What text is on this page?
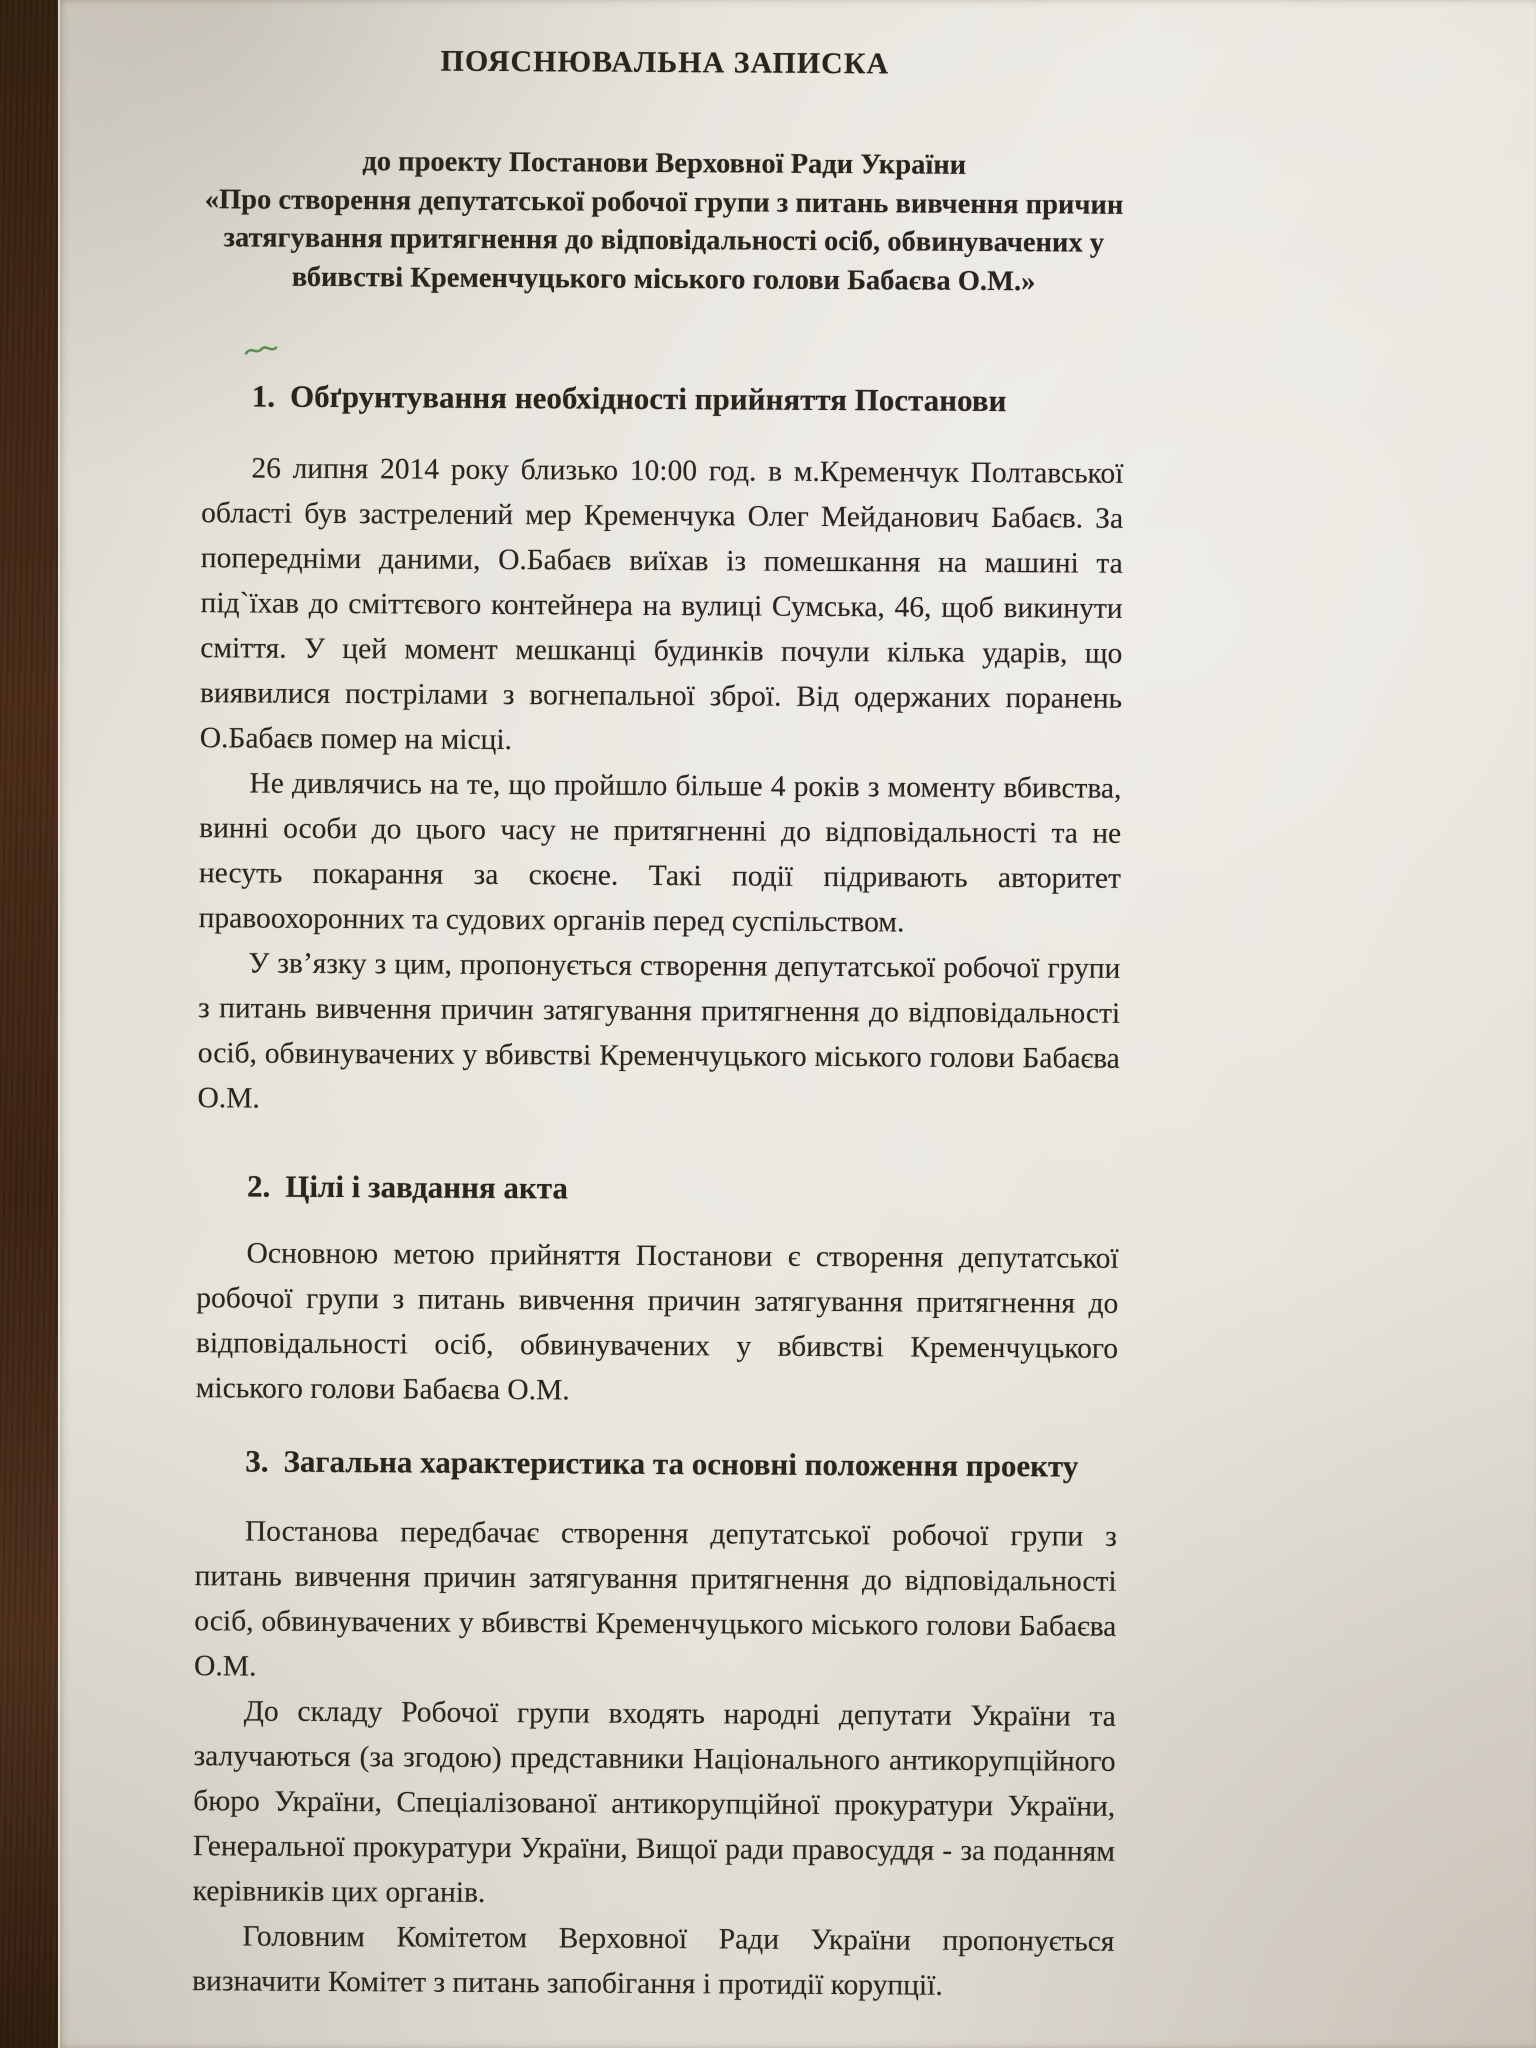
ПОЯСНЮВАЛЬНА ЗАПИСКА
до проекту Постанови Верховної Ради України
«Про створення депутатської робочої групи з питань вивчення причин
затягування притягнення до відповідальності осіб, обвинувачених у
вбивстві Кременчуцького міського голови Бабаєва О.М.»
1. Обґрунтування необхідності прийняття Постанови

26 липня 2014 року близько 10:00 год. в м.Кременчук Полтавської області був застрелений мер Кременчука Олег Мейданович Бабаєв. За попередніми даними, О.Бабаєв виїхав із помешкання на машині та під`їхав до сміттєвого контейнера на вулиці Сумська, 46, щоб викинути сміття. У цей момент мешканці будинків почули кілька ударів, що виявилися пострілами з вогнепальної зброї. Від одержаних поранень О.Бабаєв помер на місці.

Не дивлячись на те, що пройшло більше 4 років з моменту вбивства, винні особи до цього часу не притягненні до відповідальності та не несуть покарання за скоєне. Такі події підривають авторитет правоохоронних та судових органів перед суспільством.

У зв’язку з цим, пропонується створення депутатської робочої групи з питань вивчення причин затягування притягнення до відповідальності осіб, обвинувачених у вбивстві Кременчуцького міського голови Бабаєва О.М.

2. Цілі і завдання акта

Основною метою прийняття Постанови є створення депутатської робочої групи з питань вивчення причин затягування притягнення до відповідальності осіб, обвинувачених у вбивстві Кременчуцького міського голови Бабаєва О.М.

3. Загальна характеристика та основні положення проекту

Постанова передбачає створення депутатської робочої групи з питань вивчення причин затягування притягнення до відповідальності осіб, обвинувачених у вбивстві Кременчуцького міського голови Бабаєва О.М.

До складу Робочої групи входять народні депутати України та залучаються (за згодою) представники Національного антикорупційного бюро України, Спеціалізованої антикорупційної прокуратури України, Генеральної прокуратури України, Вищої ради правосуддя - за поданням керівників цих органів.

Головним Комітетом Верховної Ради України пропонується визначити Комітет з питань запобігання і протидії корупції.
